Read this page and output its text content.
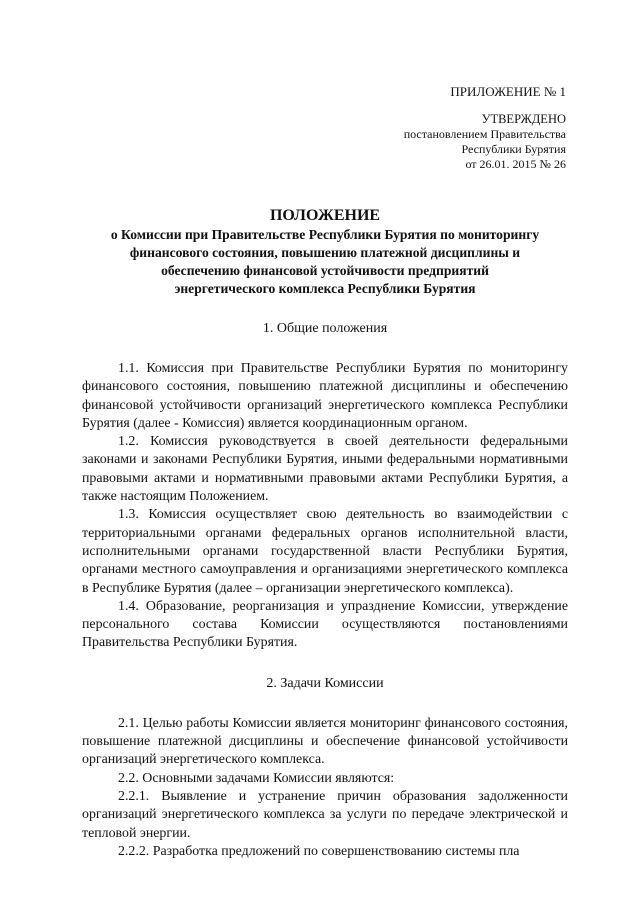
ПРИЛОЖЕНИЕ № 1
УТВЕРЖДЕНО
постановлением Правительства
Республики Бурятия
от 26.01. 2015 № 26
ПОЛОЖЕНИЕ
о Комиссии при Правительстве Республики Бурятия по мониторингу
финансового состояния, повышению платежной дисциплины и
обеспечению финансовой устойчивости предприятий
энергетического комплекса Республики Бурятия
1. Общие положения

1.1. Комиссия при Правительстве Республики Бурятия по мониторингу финансового состояния, повышению платежной дисциплины и обеспечению финансовой устойчивости организаций энергетического комплекса Республики Бурятия (далее - Комиссия) является координационным органом.

1.2. Комиссия руководствуется в своей деятельности федеральными законами и законами Республики Бурятия, иными федеральными нормативными правовыми актами и нормативными правовыми актами Республики Бурятия, а также настоящим Положением.

1.3. Комиссия осуществляет свою деятельность во взаимодействии с территориальными органами федеральных органов исполнительной власти, исполнительными органами государственной власти Республики Бурятия, органами местного самоуправления и организациями энергетического комплекса в Республике Бурятия (далее – организации энергетического комплекса).

1.4. Образование, реорганизация и упразднение Комиссии, утверждение персонального состава Комиссии осуществляются постановлениями Правительства Республики Бурятия.

2. Задачи Комиссии

2.1. Целью работы Комиссии является мониторинг финансового состояния, повышение платежной дисциплины и обеспечение финансовой устойчивости организаций энергетического комплекса.

2.2. Основными задачами Комиссии являются:

2.2.1. Выявление и устранение причин образования задолженности организаций энергетического комплекса за услуги по передаче электрической и тепловой энергии.

2.2.2. Разработка предложений по совершенствованию системы пла
